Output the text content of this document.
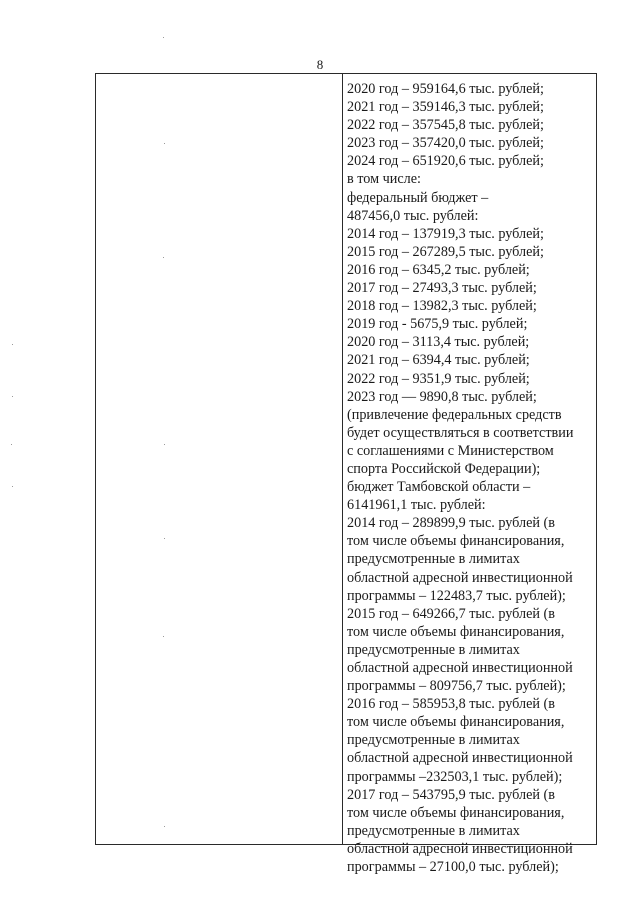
8
2020 год – 959164,6 тыс. рублей;
2021 год – 359146,3 тыс. рублей;
2022 год – 357545,8 тыс. рублей;
2023 год – 357420,0 тыс. рублей;
2024 год – 651920,6 тыс. рублей;
в том числе:
федеральный бюджет –
487456,0 тыс. рублей:
2014 год – 137919,3 тыс. рублей;
2015 год – 267289,5 тыс. рублей;
2016 год – 6345,2 тыс. рублей;
2017 год – 27493,3 тыс. рублей;
2018 год – 13982,3 тыс. рублей;
2019 год - 5675,9 тыс. рублей;
2020 год – 3113,4 тыс. рублей;
2021 год – 6394,4 тыс. рублей;
2022 год – 9351,9 тыс. рублей;
2023 год — 9890,8 тыс. рублей;
(привлечение федеральных средств
будет осуществляться в соответствии
с соглашениями с Министерством
спорта Российской Федерации);
бюджет Тамбовской области –
6141961,1 тыс. рублей:
2014 год – 289899,9 тыс. рублей (в
том числе объемы финансирования,
предусмотренные в лимитах
областной адресной инвестиционной
программы – 122483,7 тыс. рублей);
2015 год – 649266,7 тыс. рублей (в
том числе объемы финансирования,
предусмотренные в лимитах
областной адресной инвестиционной
программы – 809756,7 тыс. рублей);
2016 год – 585953,8 тыс. рублей (в
том числе объемы финансирования,
предусмотренные в лимитах
областной адресной инвестиционной
программы –232503,1 тыс. рублей);
2017 год – 543795,9 тыс. рублей (в
том числе объемы финансирования,
предусмотренные в лимитах
областной адресной инвестиционной
программы – 27100,0 тыс. рублей);
